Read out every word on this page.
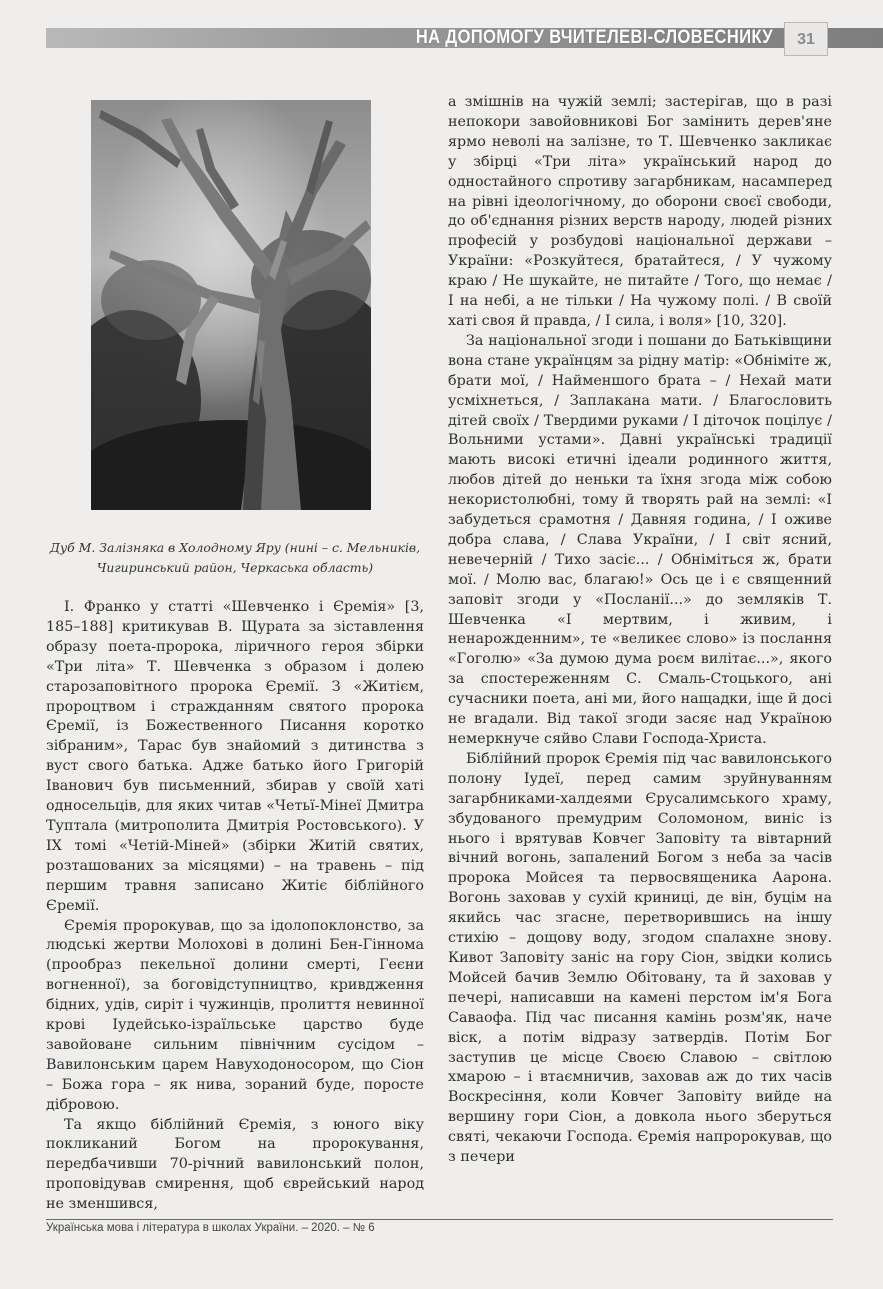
НА ДОПОМОГУ ВЧИТЕЛЕВІ-СЛОВЕСНИКУ	31
Дуб М. Залізняка в Холодному Яру (нині – с. Мельників, Чигиринський район, Черкаська область)

І. Франко у статті «Шевченко і Єремія» [3, 185–188] критикував В. Щурата за зіставлення образу поета-пророка, ліричного героя збірки «Три літа» Т. Шевченка з образом і долею старозаповітного пророка Єремії. З «Житієм, пророцтвом і стражданням святого пророка Єремії, із Божественного Писання коротко зібраним», Тарас був знайомий з дитинства з вуст свого батька. Адже батько його Григорій Іванович був письменний, збирав у своїй хаті односельців, для яких читав «Четьї-Мінеї Дмитра Туптала (митрополита Дмитрія Ростовського). У ІХ томі «Четій-Міней» (збірки Житій святих, розташованих за місяцями) – на травень – під першим травня записано Житіє біблійного Єремії.

Єремія пророкував, що за ідолопоклонство, за людські жертви Молохові в долині Бен-Гіннома (прообраз пекельної долини смерті, Геєни вогненної), за боговідступництво, кривдження бідних, удів, сиріт і чужинців, пролиття невинної крові Іудейсько-ізраїльське царство буде завойоване сильним північним сусідом – Вавилонським царем Навуходоносором, що Сіон – Божа гора – як нива, зораний буде, поросте дібровою.

Та якщо біблійний Єремія, з юного віку покликаний Богом на пророкування, передбачивши 70-річний вавилонський полон, проповідував смирення, щоб єврейський народ не зменшився,

а змішнів на чужій землі; застерігав, що в разі непокори завойовникові Бог замінить дерев'яне ярмо неволі на залізне, то Т. Шевченко закликає у збірці «Три літа» український народ до одностайного спротиву загарбникам, насамперед на рівні ідеологічному, до оборони своєї свободи, до об'єднання різних верств народу, людей різних професій у розбудові національної держави – України: «Розкуйтеся, братайтеся, / У чужому краю / Не шукайте, не питайте / Того, що немає / І на небі, а не тільки / На чужому полі. / В своїй хаті своя й правда, / І сила, і воля» [10, 320].

За національної згоди і пошани до Батьківщини вона стане українцям за рідну матір: «Обніміте ж, брати мої, / Найменшого брата – / Нехай мати усміхнеться, / Заплакана мати. / Благословить дітей своїх / Твердими руками / І діточок поцілує / Вольними устами». Давні українські традиції мають високі етичні ідеали родинного життя, любов дітей до неньки та їхня згода між собою некористолюбні, тому й творять рай на землі: «І забудеться срамотня / Давняя година, / І оживе добра слава, / Слава України, / І світ ясний, невечерній / Тихо засіє... / Обніміться ж, брати мої. / Молю вас, благаю!» Ось це і є священний заповіт згоди у «Посланії...» до земляків Т. Шевченка «І мертвим, і живим, і ненарожденним», те «великеє слово» із послання «Гоголю» «За думою дума роєм вилітає...», якого за спостереженням С. Смаль-Стоцького, ані сучасники поета, ані ми, його нащадки, іще й досі не вгадали. Від такої згоди засяє над Україною немеркнуче сяйво Слави Господа-Христа.

Біблійний пророк Єремія під час вавилонського полону Іудеї, перед самим зруйнуванням загарбниками-халдеями Єрусалимського храму, збудованого премудрим Соломоном, виніс із нього і врятував Ковчег Заповіту та вівтарний вічний вогонь, запалений Богом з неба за часів пророка Мойсея та первосвященика Аарона. Вогонь заховав у сухій криниці, де він, буцім на якийсь час згасне, перетворившись на іншу стихію – дощову воду, згодом спалахне знову. Кивот Заповіту заніс на гору Сіон, звідки колись Мойсей бачив Землю Обітовану, та й заховав у печері, написавши на камені перстом ім'я Бога Саваофа. Під час писання камінь розм'як, наче віск, а потім відразу затвердів. Потім Бог заступив це місце Своєю Славою – світлою хмарою – і втаємничив, заховав аж до тих часів Воскресіння, коли Ковчег Заповіту вийде на вершину гори Сіон, а довкола нього зберуться святі, чекаючи Господа. Єремія напророкував, що з печери

Українська мова і література в школах України. – 2020. – № 6
